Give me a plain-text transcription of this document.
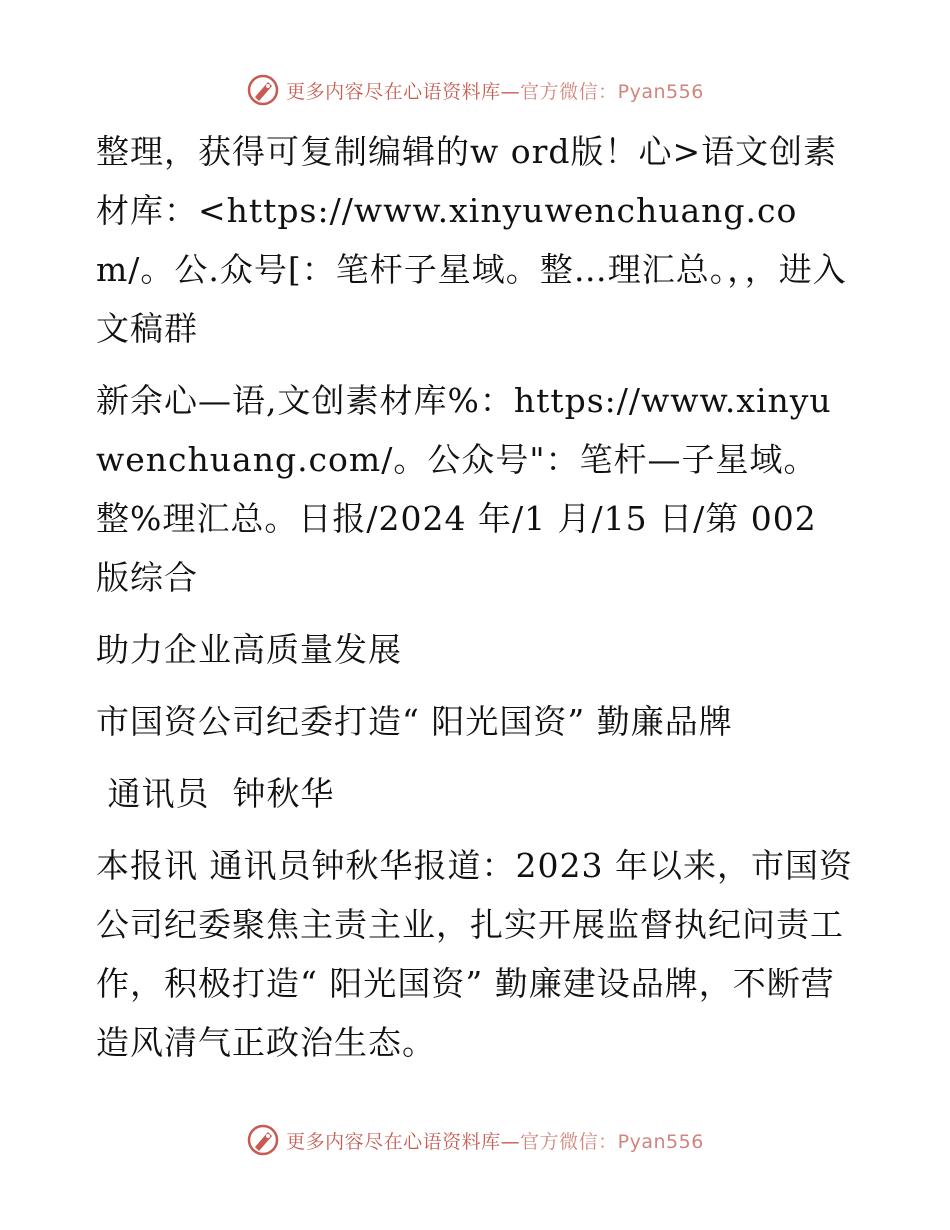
更多内容尽在心语资料库—官方微信：Pyan556

整理，获得可复制编辑的w ord版！心>语文创素材库：<https://www.xinyuwenchuang.com/。公.众号[：笔杆子星域。整…理汇总。，，进入文稿群

新余心—语,文创素材库%：https://www.xinyuwenchuang.com/。公众号"：笔杆—子星域。整%理汇总。日报/2024 年/1 月/15 日/第 002 版综合

助力企业高质量发展

市国资公司纪委打造“ 阳光国资” 勤廉品牌

通讯员  钟秋华

本报讯 通讯员钟秋华报道：2023 年以来，市国资公司纪委聚焦主责主业，扎实开展监督执纪问责工作，积极打造“ 阳光国资” 勤廉建设品牌，不断营造风清气正政治生态。

更多内容尽在心语资料库—官方微信：Pyan556
